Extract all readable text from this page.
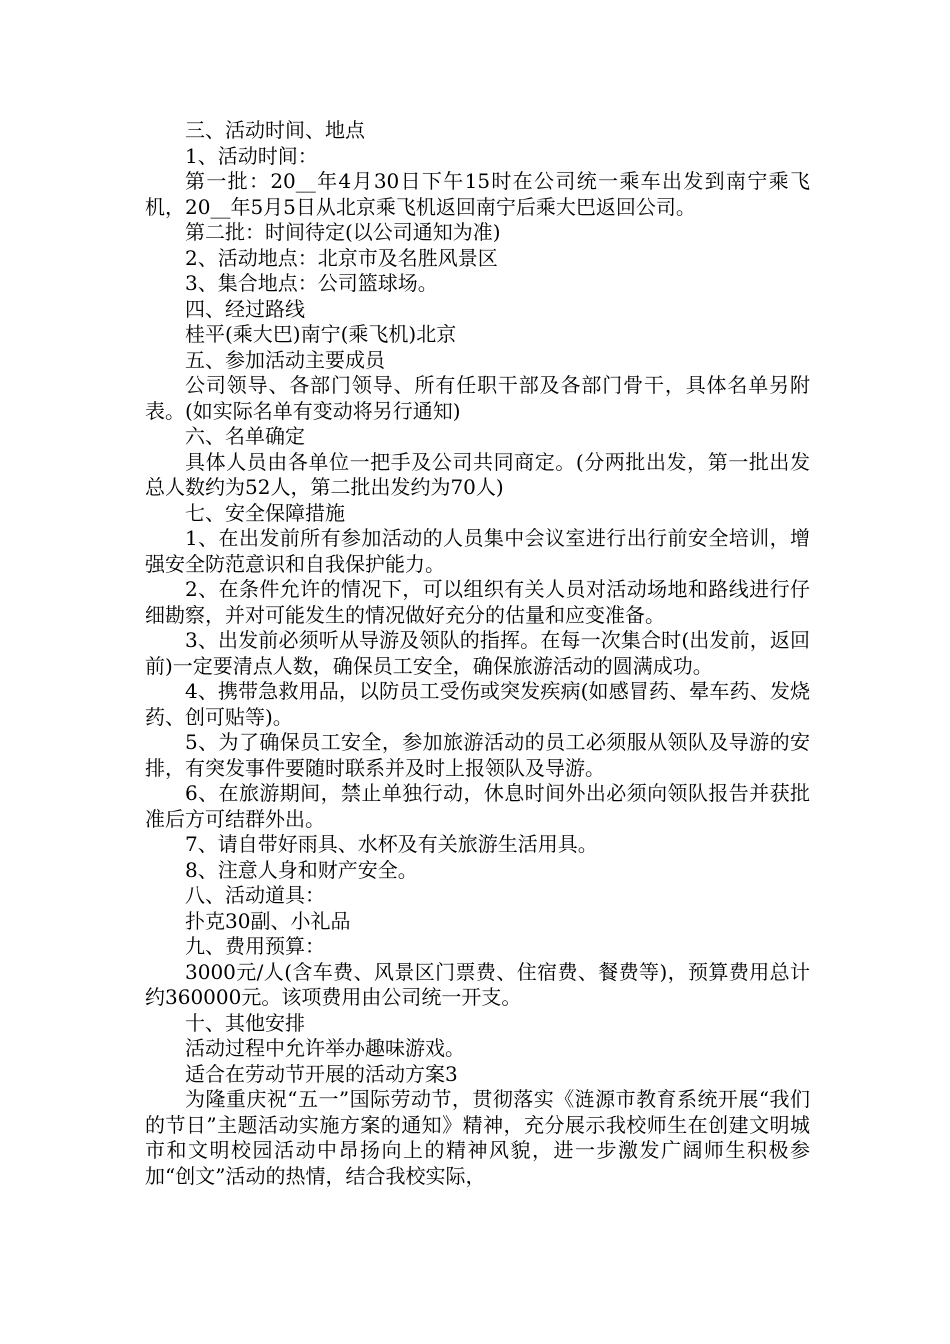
三、活动时间、地点

1、活动时间：

第一批：20__年4月30日下午15时在公司统一乘车出发到南宁乘飞机，20__年5月5日从北京乘飞机返回南宁后乘大巴返回公司。

第二批：时间待定(以公司通知为准)

2、活动地点：北京市及名胜风景区

3、集合地点：公司篮球场。

四、经过路线

桂平(乘大巴)南宁(乘飞机)北京

五、参加活动主要成员

公司领导、各部门领导、所有任职干部及各部门骨干，具体名单另附表。(如实际名单有变动将另行通知)

六、名单确定

具体人员由各单位一把手及公司共同商定。(分两批出发，第一批出发总人数约为52人，第二批出发约为70人)

七、安全保障措施

1、在出发前所有参加活动的人员集中会议室进行出行前安全培训，增强安全防范意识和自我保护能力。

2、在条件允许的情况下，可以组织有关人员对活动场地和路线进行仔细勘察，并对可能发生的情况做好充分的估量和应变准备。

3、出发前必须听从导游及领队的指挥。在每一次集合时(出发前，返回前)一定要清点人数，确保员工安全，确保旅游活动的圆满成功。

4、携带急救用品，以防员工受伤或突发疾病(如感冒药、晕车药、发烧药、创可贴等)。

5、为了确保员工安全，参加旅游活动的员工必须服从领队及导游的安排，有突发事件要随时联系并及时上报领队及导游。

6、在旅游期间，禁止单独行动，休息时间外出必须向领队报告并获批准后方可结群外出。

7、请自带好雨具、水杯及有关旅游生活用具。

8、注意人身和财产安全。

八、活动道具：

扑克30副、小礼品

九、费用预算：

3000元/人(含车费、风景区门票费、住宿费、餐费等)，预算费用总计约360000元。该项费用由公司统一开支。

十、其他安排

活动过程中允许举办趣味游戏。

适合在劳动节开展的活动方案3

为隆重庆祝“五一”国际劳动节，贯彻落实《涟源市教育系统开展“我们的节日”主题活动实施方案的通知》精神，充分展示我校师生在创建文明城市和文明校园活动中昂扬向上的精神风貌，进一步激发广阔师生积极参加“创文”活动的热情，结合我校实际，
